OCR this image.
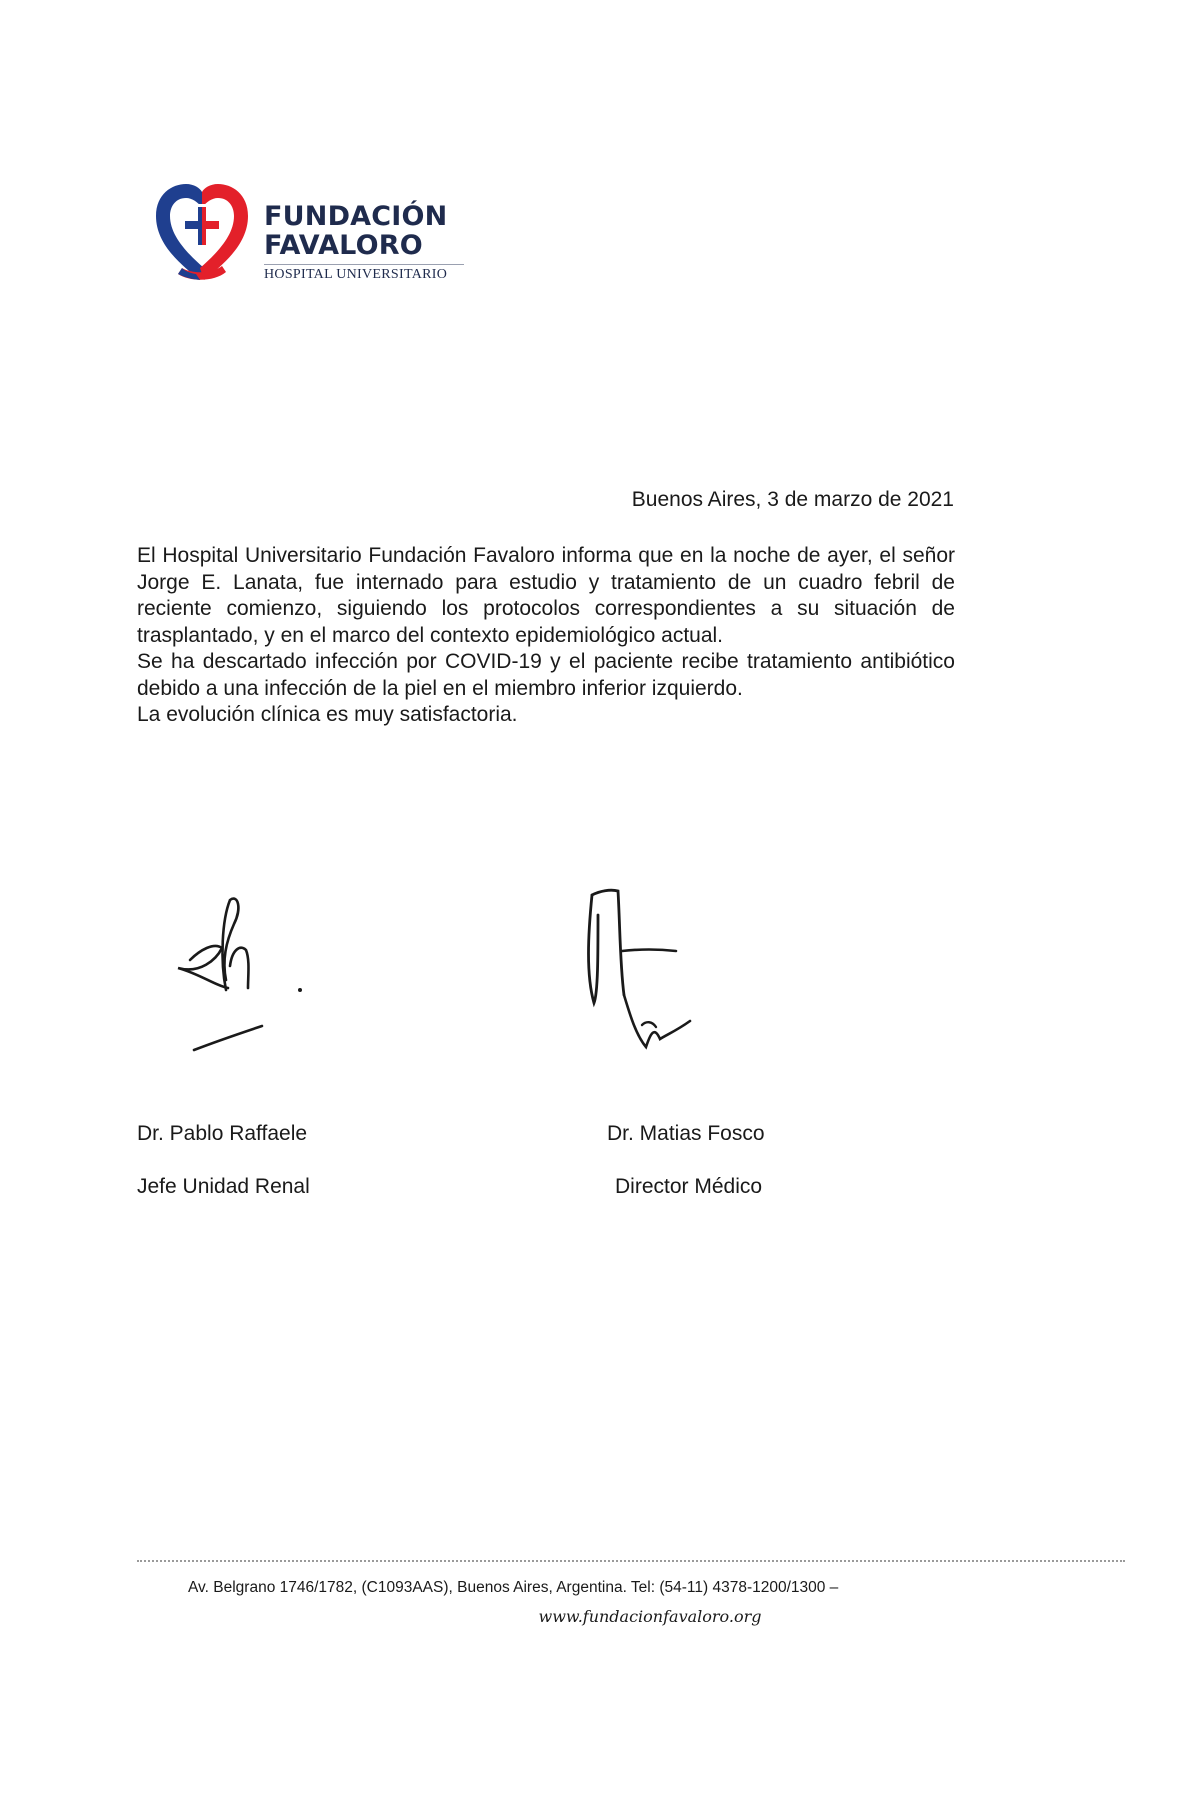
FUNDACIÓN
FAVALORO
HOSPITAL UNIVERSITARIO
Buenos Aires, 3 de marzo de 2021

El Hospital Universitario Fundación Favaloro informa que en la noche de ayer, el señor Jorge E. Lanata, fue internado para estudio y tratamiento de un cuadro febril de reciente comienzo, siguiendo los protocolos correspondientes a su situación de trasplantado, y en el marco del contexto epidemiológico actual.

Se ha descartado infección por COVID-19 y el paciente recibe tratamiento antibiótico debido a una infección de la piel en el miembro inferior izquierdo.

La evolución clínica es muy satisfactoria.

Dr. Pablo Raffaele
Jefe Unidad Renal
Dr. Matias Fosco
Director Médico
Av. Belgrano 1746/1782, (C1093AAS), Buenos Aires, Argentina. Tel: (54-11) 4378-1200/1300 –
www.fundacionfavaloro.org
